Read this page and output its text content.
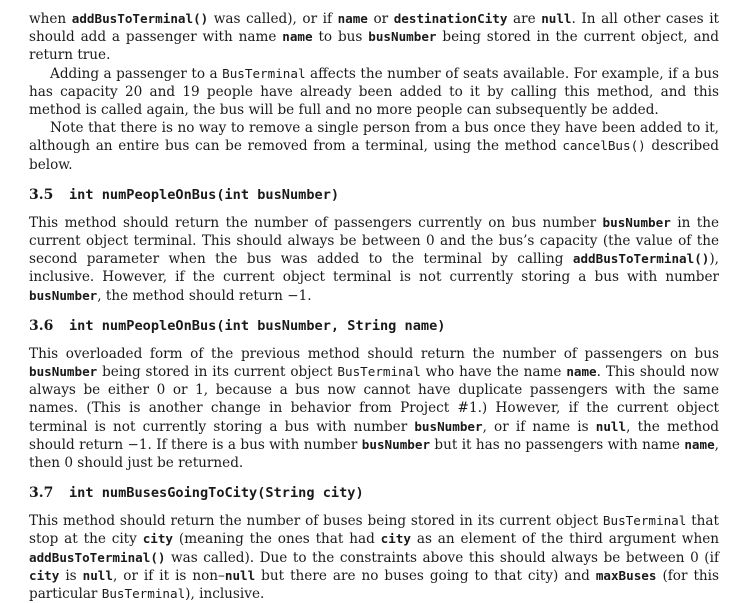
when addBusToTerminal() was called), or if name or destinationCity are null. In all other cases it should add a passenger with name name to bus busNumber being stored in the current object, and return true.

Adding a passenger to a BusTerminal affects the number of seats available. For example, if a bus has capacity 20 and 19 people have already been added to it by calling this method, and this method is called again, the bus will be full and no more people can subsequently be added.

Note that there is no way to remove a single person from a bus once they have been added to it, although an entire bus can be removed from a terminal, using the method cancelBus() described below.

3.5 int numPeopleOnBus(int busNumber)

This method should return the number of passengers currently on bus number busNumber in the current object terminal. This should always be between 0 and the bus’s capacity (the value of the second parameter when the bus was added to the terminal by calling addBusToTerminal()), inclusive. However, if the current object terminal is not currently storing a bus with number busNumber, the method should return −1.

3.6 int numPeopleOnBus(int busNumber, String name)

This overloaded form of the previous method should return the number of passengers on bus busNumber being stored in its current object BusTerminal who have the name name. This should now always be either 0 or 1, because a bus now cannot have duplicate passengers with the same names. (This is another change in behavior from Project #1.) However, if the current object terminal is not currently storing a bus with number busNumber, or if name is null, the method should return −1. If there is a bus with number busNumber but it has no passengers with name name, then 0 should just be returned.

3.7 int numBusesGoingToCity(String city)

This method should return the number of buses being stored in its current object BusTerminal that stop at the city city (meaning the ones that had city as an element of the third argument when addBusToTerminal() was called). Due to the constraints above this should always be between 0 (if city is null, or if it is non–null but there are no buses going to that city) and maxBuses (for this particular BusTerminal), inclusive.
